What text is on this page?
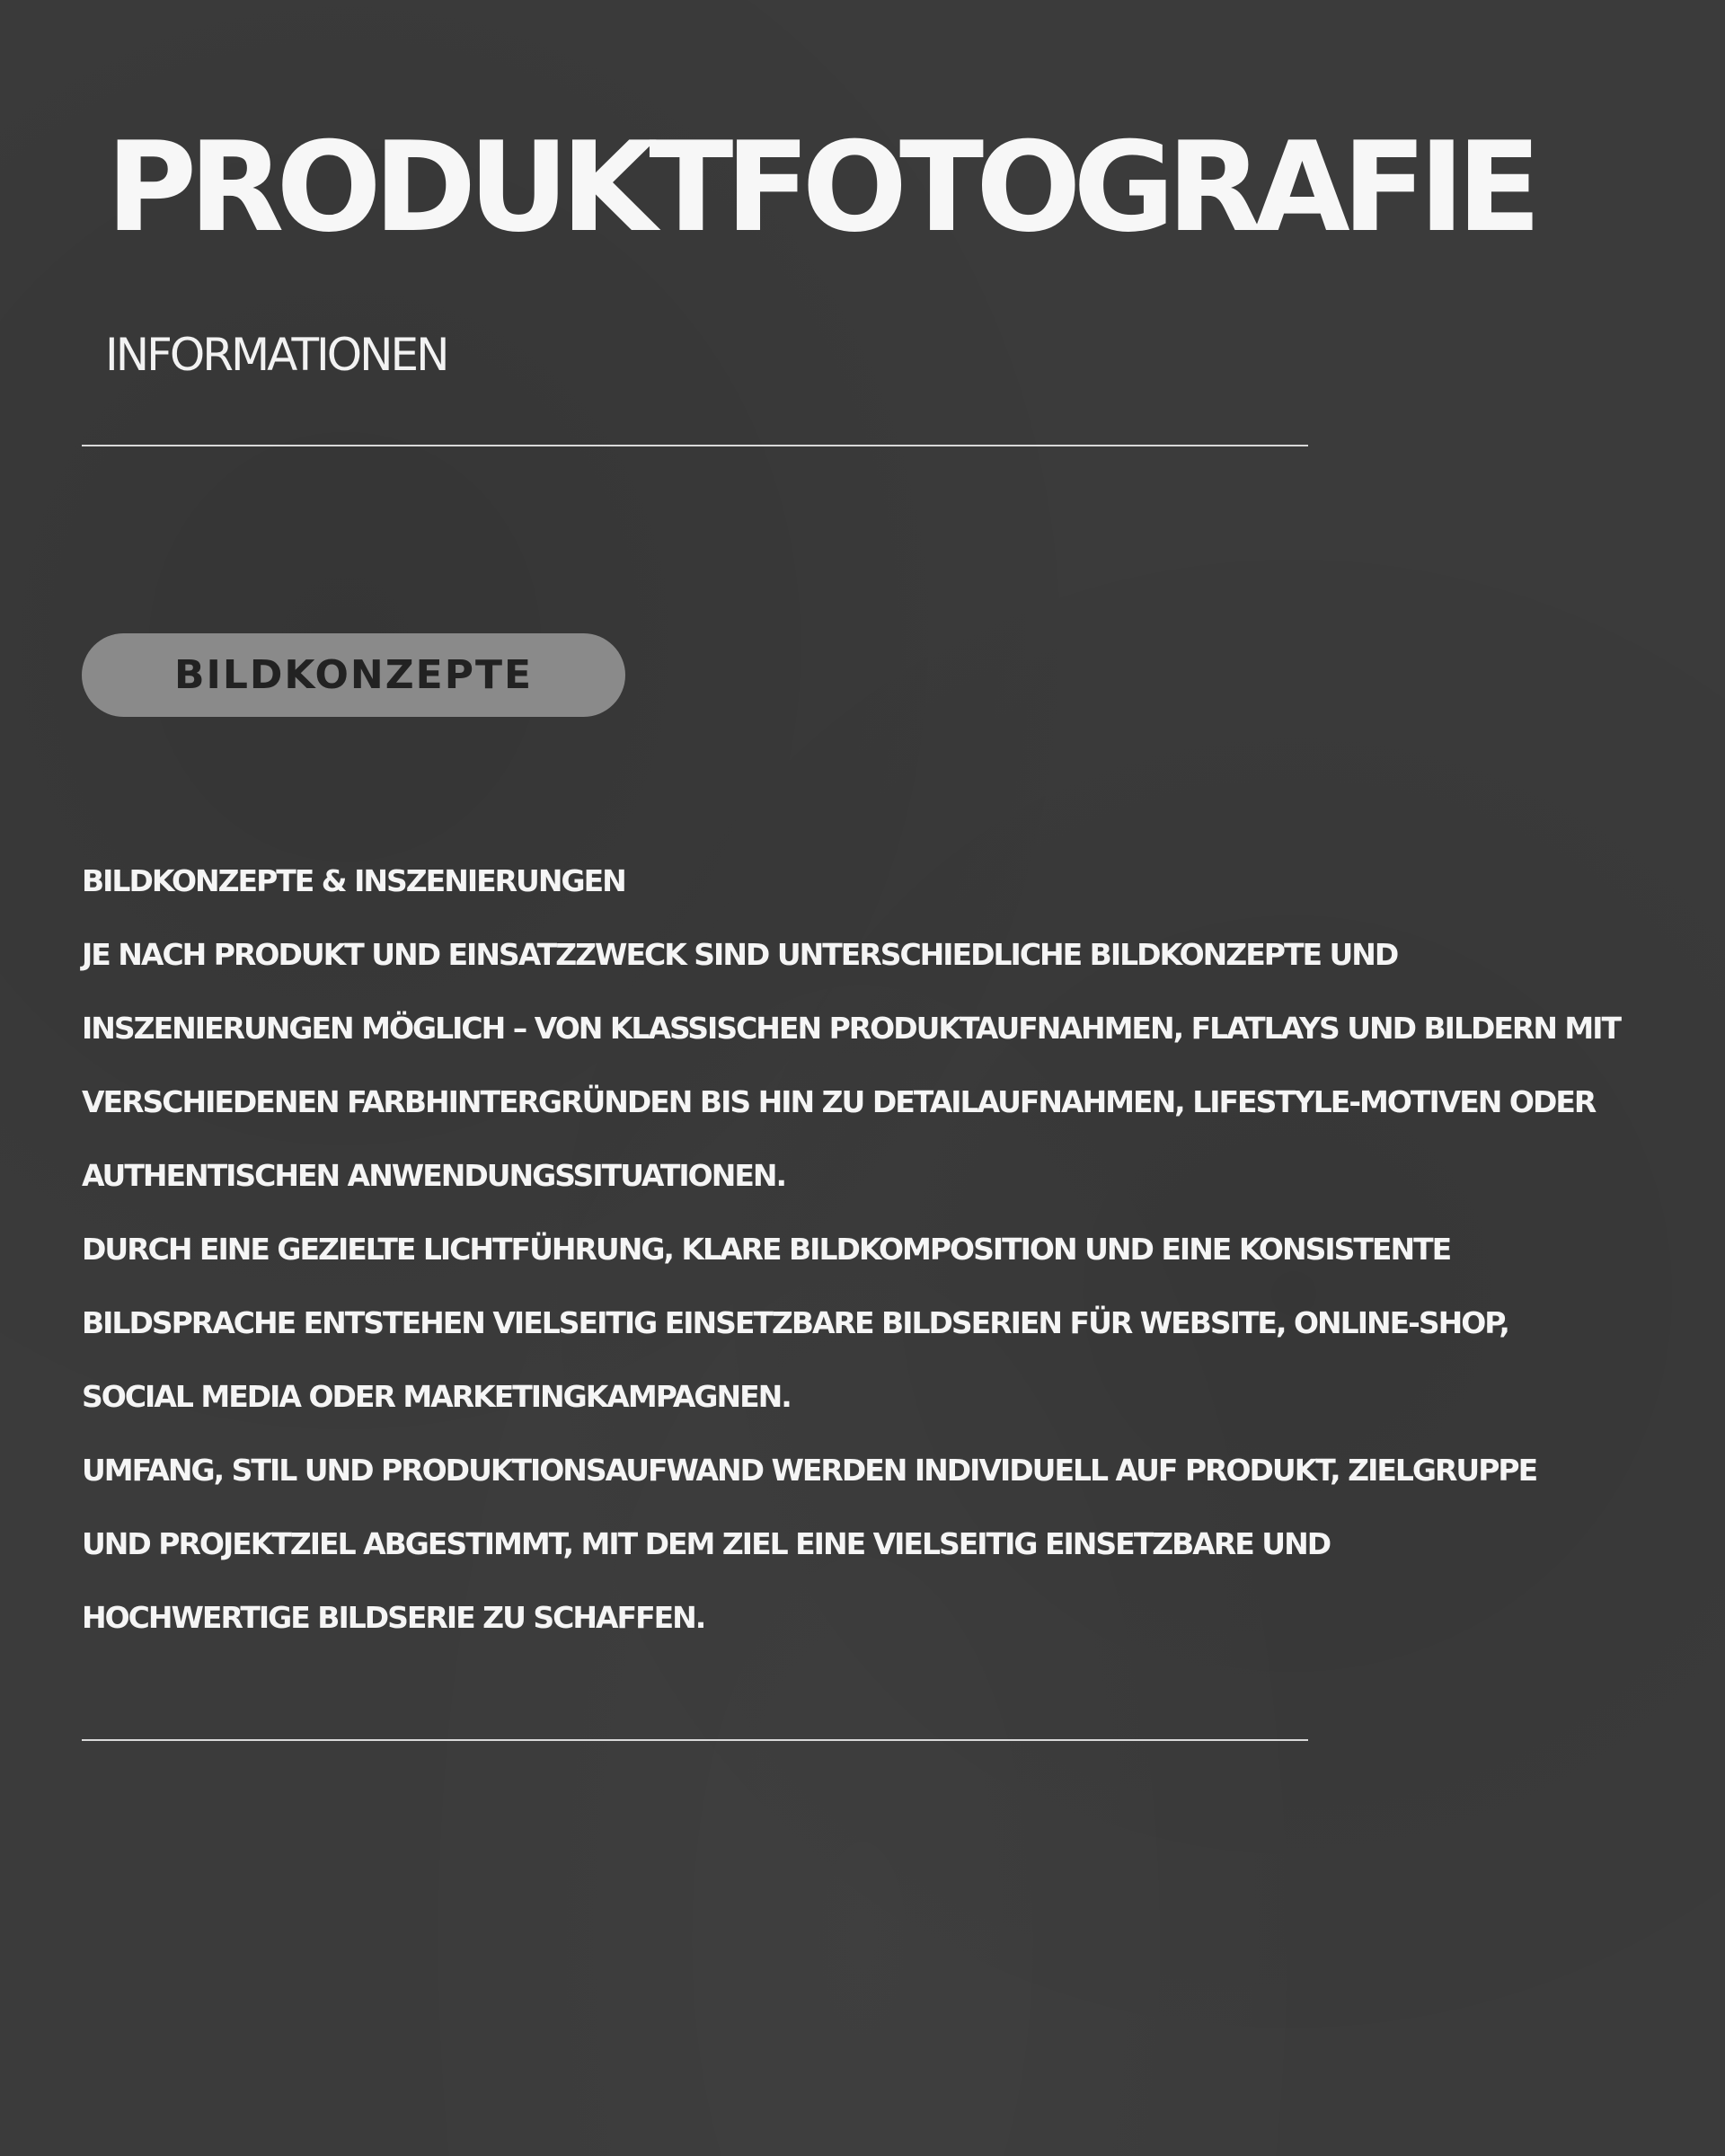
PRODUKTFOTOGRAFIE
INFORMATIONEN
BILDKONZEPTE
BILDKONZEPTE & INSZENIERUNGEN
JE NACH PRODUKT UND EINSATZZWECK SIND UNTERSCHIEDLICHE BILDKONZEPTE UND
INSZENIERUNGEN MÖGLICH – VON KLASSISCHEN PRODUKTAUFNAHMEN, FLATLAYS UND BILDERN MIT
VERSCHIEDENEN FARBHINTERGRÜNDEN BIS HIN ZU DETAILAUFNAHMEN, LIFESTYLE-MOTIVEN ODER
AUTHENTISCHEN ANWENDUNGSSITUATIONEN.
DURCH EINE GEZIELTE LICHTFÜHRUNG, KLARE BILDKOMPOSITION UND EINE KONSISTENTE
BILDSPRACHE ENTSTEHEN VIELSEITIG EINSETZBARE BILDSERIEN FÜR WEBSITE, ONLINE-SHOP,
SOCIAL MEDIA ODER MARKETINGKAMPAGNEN.
UMFANG, STIL UND PRODUKTIONSAUFWAND WERDEN INDIVIDUELL AUF PRODUKT, ZIELGRUPPE
UND PROJEKTZIEL ABGESTIMMT, MIT DEM ZIEL EINE VIELSEITIG EINSETZBARE UND
HOCHWERTIGE BILDSERIE ZU SCHAFFEN.
